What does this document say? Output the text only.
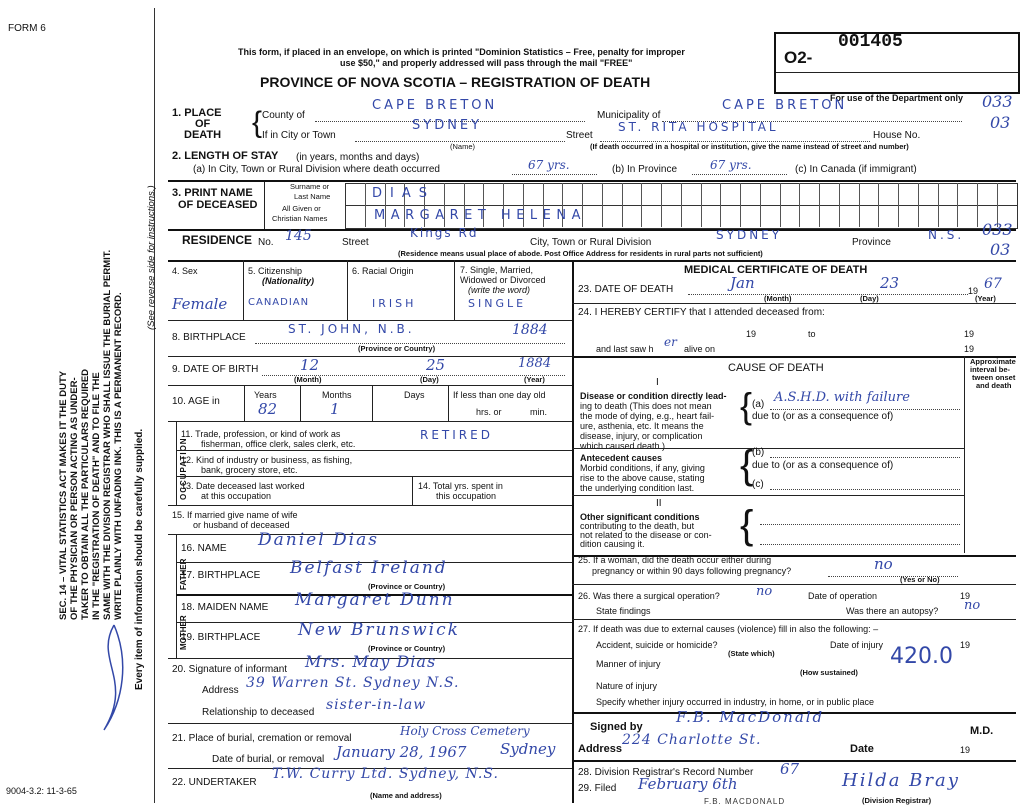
FORM 6
This form, if placed in an envelope, on which is printed "Dominion Statistics – Free, penalty for improper
use $50," and properly addressed will pass through the mail "FREE"
PROVINCE OF NOVA SCOTIA – REGISTRATION OF DEATH
O2-
001405
For use of the Department only
SEC. 14 – VITAL STATISTICS ACT MAKES IT THE DUTY OF THE PHYSICIAN OR PERSON ACTING AS UNDER- TAKER TO OBTAIN ALL THE PARTICULARS REQUIRED IN THE "REGISTRATION OF DEATH" AND TO FILE THE SAME WITH THE DIVISION REGISTRAR WHO SHALL ISSUE THE BURIAL PERMIT. WRITE PLAINLY WITH UNFADING INK. THIS IS A PERMANENT RECORD. Every item of information should be carefully supplied.
(See reverse side for instructions.)
1. PLACE
OF
DEATH { County of
CAPE BRETON
Municipality of
CAPE BRETON
If in City or Town
SYDNEY
(Name)
Street
ST. RITA HOSPITAL
House No.
(If death occurred in a hospital or institution, give the name instead of street and number)
033
03
2. LENGTH OF STAY (in years, months and days)
(a) In City, Town or Rural Division where death occurred	67 yrs.	(b) In Province	67 yrs.	(c) In Canada (if immigrant)
3. PRINT NAME
OF DECEASED
Surname or
Last Name
All Given or
Christian Names
DIAS
MARGARET HELENA
RESIDENCE No. 145	Street
Kings Rd
City, Town or Rural Division
SYDNEY
Province
N.S. 033
03
(Residence means usual place of abode. Post Office Address for residents in rural parts not sufficient)
4. Sex
Female
5. Citizenship
(Nationality)
CANADIAN
6. Racial Origin
IRISH
7. Single, Married,
Widowed or Divorced
(write the word)
SINGLE
8. BIRTHPLACE
ST. JOHN, N.B.	1884
(Province or Country)
9. DATE OF BIRTH	12	25	1884
(Month)	(Day)	(Year)
10. AGE in
Years
82
Months
1
Days	If less than one day old
hrs. or	min.
OCCUPATION
11. Trade, profession, or kind of work as
fisherman, office clerk, sales clerk, etc.
RETIRED
12. Kind of industry or business, as fishing,
bank, grocery store, etc.
13. Date deceased last worked
at this occupation
14. Total yrs. spent in
this occupation
15. If married give name of wife
or husband of deceased
FATHER
MOTHER
16. NAME Daniel Dias
17. BIRTHPLACE Belfast Ireland
(Province or Country)
18. MAIDEN NAME Margaret Dunn
19. BIRTHPLACE New Brunswick
(Province or Country)
20. Signature of informant Mrs. May Dias
Address 39 Warren St. Sydney N.S.
Relationship to deceased sister-in-law
21. Place of burial, cremation or removal
Holy Cross Cemetery
Date of burial, or removal January 28, 1967 Sydney
22. UNDERTAKER
T.W. Curry Ltd. Sydney, N.S.
(Name and address)
MEDICAL CERTIFICATE OF DEATH
23. DATE OF DEATH	Jan	23	19 67
(Month)	(Day)	(Year)
24. I HEREBY CERTIFY that I attended deceased from:
19	to	19
and last saw h er alive on	19
CAUSE OF DEATH
Approximate
interval be-
tween onset
and death
I
Disease or condition directly lead-
ing to death (This does not mean
the mode of dying, e.g., heart fail-
ure, asthenia, etc. It means the
disease, injury, or complication
which caused death.)
{ (a) A.S.H.D. with failure
due to (or as a consequence of)
Antecedent causes
Morbid conditions, if any, giving
rise to the above cause, stating
the underlying condition last.
{
(b)
due to (or as a consequence of)
(c)
II
Other significant conditions
contributing to the death, but
not related to the disease or con-
dition causing it. {
25. If a woman, did the death occur either during
pregnancy or within 90 days following pregnancy?	no
(Yes or No)
26. Was there a surgical operation?	no	Date of operation	19
State findings	Was there an autopsy? no
27. If death was due to external causes (violence) fill in also the following: –
Accident, suicide or homicide?
(State which)
Date of injury	19
Manner of injury	420.0
(How sustained)
Nature of injury
Specify whether injury occurred in industry, in home, or in public place
Signed by
F.B. MacDonald
M.D.
Address
224 Charlotte St.
Date	19
28. Division Registrar's Record Number 67
29. Filed February 6th	Hilda Bray
(Division Registrar)
F.B. MACDONALD
9004-3.2: 11-3-65
